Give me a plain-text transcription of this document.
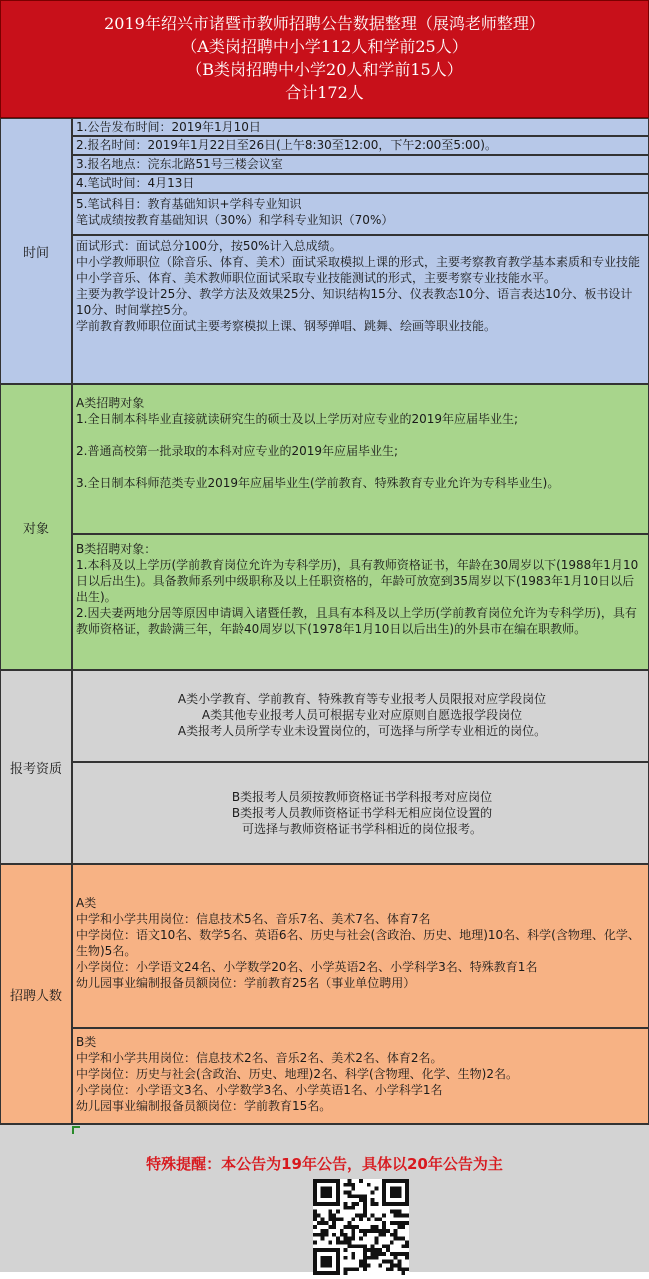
2019年绍兴市诸暨市教师招聘公告数据整理（展鸿老师整理）
（A类岗招聘中小学112人和学前25人）
（B类岗招聘中小学20人和学前15人）
合计172人
时间
1.公告发布时间：2019年1月10日
2.报名时间：2019年1月22日至26日(上午8:30至12:00，下午2:00至5:00)。
3.报名地点：浣东北路51号三楼会议室
4.笔试时间：4月13日
5.笔试科目：教育基础知识+学科专业知识
笔试成绩按教育基础知识（30%）和学科专业知识（70%）
面试形式：面试总分100分，按50%计入总成绩。
中小学教师职位（除音乐、体育、美术）面试采取模拟上课的形式，主要考察教育教学基本素质和专业技能
中小学音乐、体育、美术教师职位面试采取专业技能测试的形式，主要考察专业技能水平。
主要为教学设计25分、教学方法及效果25分、知识结构15分、仪表教态10分、语言表达10分、板书设计10分、时间掌控5分。
学前教育教师职位面试主要考察模拟上课、钢琴弹唱、跳舞、绘画等职业技能。
对象
A类招聘对象
1.全日制本科毕业直接就读研究生的硕士及以上学历对应专业的2019年应届毕业生;
2.普通高校第一批录取的本科对应专业的2019年应届毕业生;
3.全日制本科师范类专业2019年应届毕业生(学前教育、特殊教育专业允许为专科毕业生)。
B类招聘对象：
1.本科及以上学历(学前教育岗位允许为专科学历)，具有教师资格证书，年龄在30周岁以下(1988年1月10日以后出生)。具备教师系列中级职称及以上任职资格的，年龄可放宽到35周岁以下(1983年1月10日以后出生)。
2.因夫妻两地分居等原因申请调入诸暨任教，且具有本科及以上学历(学前教育岗位允许为专科学历)，具有教师资格证，教龄满三年，年龄40周岁以下(1978年1月10日以后出生)的外县市在编在职教师。
报考资质
A类小学教育、学前教育、特殊教育等专业报考人员限报对应学段岗位
A类其他专业报考人员可根据专业对应原则自愿选报学段岗位
A类报考人员所学专业未设置岗位的，可选择与所学专业相近的岗位。
B类报考人员须按教师资格证书学科报考对应岗位
B类报考人员教师资格证书学科无相应岗位设置的
可选择与教师资格证书学科相近的岗位报考。
招聘人数
A类
中学和小学共用岗位：信息技术5名、音乐7名、美术7名、体育7名
中学岗位：语文10名、数学5名、英语6名、历史与社会(含政治、历史、地理)10名、科学(含物理、化学、生物)5名。
小学岗位：小学语文24名、小学数学20名、小学英语2名、小学科学3名、特殊教育1名
幼儿园事业编制报备员额岗位：学前教育25名（事业单位聘用）
B类
中学和小学共用岗位：信息技术2名、音乐2名、美术2名、体育2名。
中学岗位：历史与社会(含政治、历史、地理)2名、科学(含物理、化学、生物)2名。
小学岗位：小学语文3名、小学数学3名、小学英语1名、小学科学1名
幼儿园事业编制报备员额岗位：学前教育15名。
特殊提醒：本公告为19年公告，具体以20年公告为主
